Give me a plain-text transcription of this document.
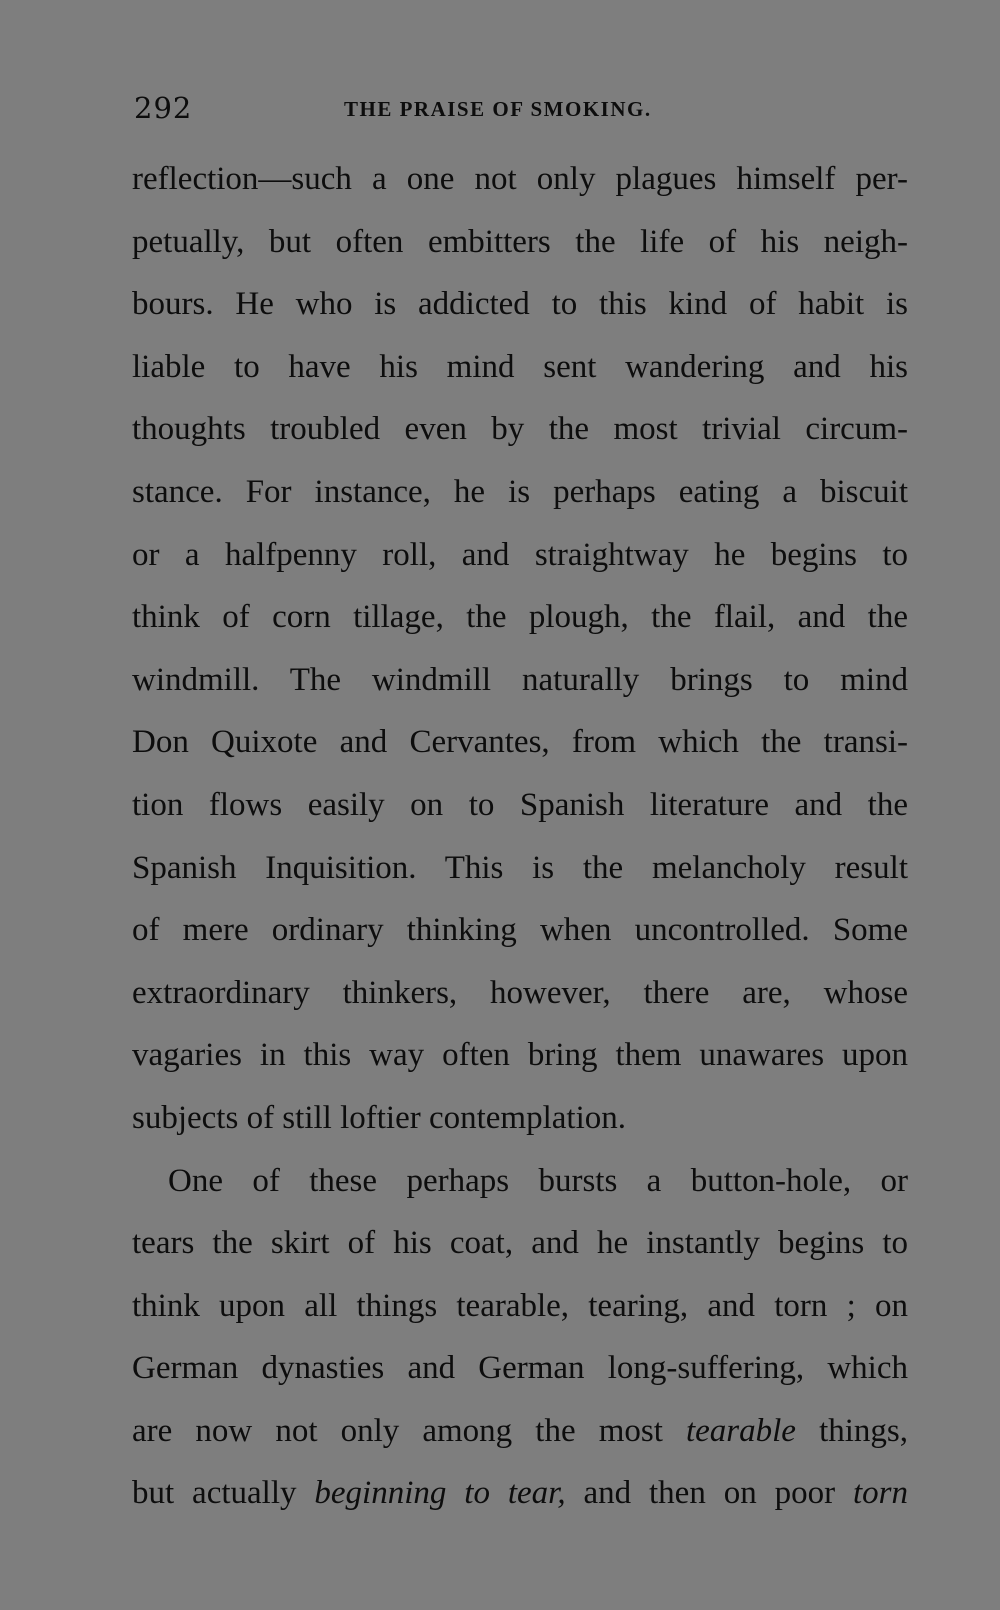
292	THE PRAISE OF SMOKING.
reflection—such a one not only plagues himself per-
petually, but often embitters the life of his neigh-
bours. He who is addicted to this kind of habit is
liable to have his mind sent wandering and his
thoughts troubled even by the most trivial circum-
stance. For instance, he is perhaps eating a biscuit
or a halfpenny roll, and straightway he begins to
think of corn tillage, the plough, the flail, and the
windmill. The windmill naturally brings to mind
Don Quixote and Cervantes, from which the transi-
tion flows easily on to Spanish literature and the
Spanish Inquisition. This is the melancholy result
of mere ordinary thinking when uncontrolled. Some
extraordinary thinkers, however, there are, whose
vagaries in this way often bring them unawares upon
subjects of still loftier contemplation.
One of these perhaps bursts a button-hole, or
tears the skirt of his coat, and he instantly begins to
think upon all things tearable, tearing, and torn ; on
German dynasties and German long-suffering, which
are now not only among the most tearable things,
but actually beginning to tear, and then on poor torn
